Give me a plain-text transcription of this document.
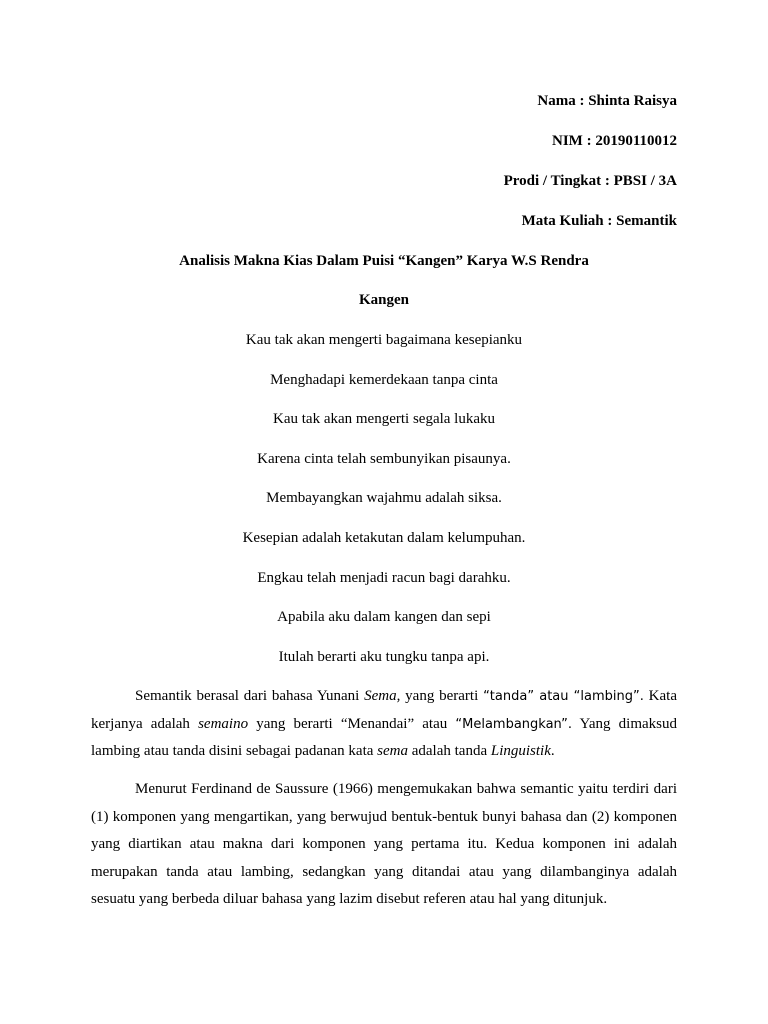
Nama : Shinta Raisya
NIM : 20190110012
Prodi / Tingkat : PBSI / 3A
Mata Kuliah : Semantik
Analisis Makna Kias Dalam Puisi “Kangen” Karya W.S Rendra
Kangen
Kau tak akan mengerti bagaimana kesepianku
Menghadapi kemerdekaan tanpa cinta
Kau tak akan mengerti segala lukaku
Karena cinta telah sembunyikan pisaunya.
Membayangkan wajahmu adalah siksa.
Kesepian adalah ketakutan dalam kelumpuhan.
Engkau telah menjadi racun bagi darahku.
Apabila aku dalam kangen dan sepi
Itulah berarti aku tungku tanpa api.
Semantik berasal dari bahasa Yunani Sema, yang berarti “tanda” atau “lambing”. Kata
kerjanya adalah semaino yang berarti “Menandai” atau “Melambangkan”. Yang dimaksud
lambing atau tanda disini sebagai padanan kata sema adalah tanda Linguistik.
Menurut Ferdinand de Saussure (1966) mengemukakan bahwa semantic yaitu terdiri dari
(1) komponen yang mengartikan, yang berwujud bentuk-bentuk bunyi bahasa dan (2) komponen
yang diartikan atau makna dari komponen yang pertama itu. Kedua komponen ini adalah
merupakan tanda atau lambing, sedangkan yang ditandai atau yang dilambanginya adalah
sesuatu yang berbeda diluar bahasa yang lazim disebut referen atau hal yang ditunjuk.
